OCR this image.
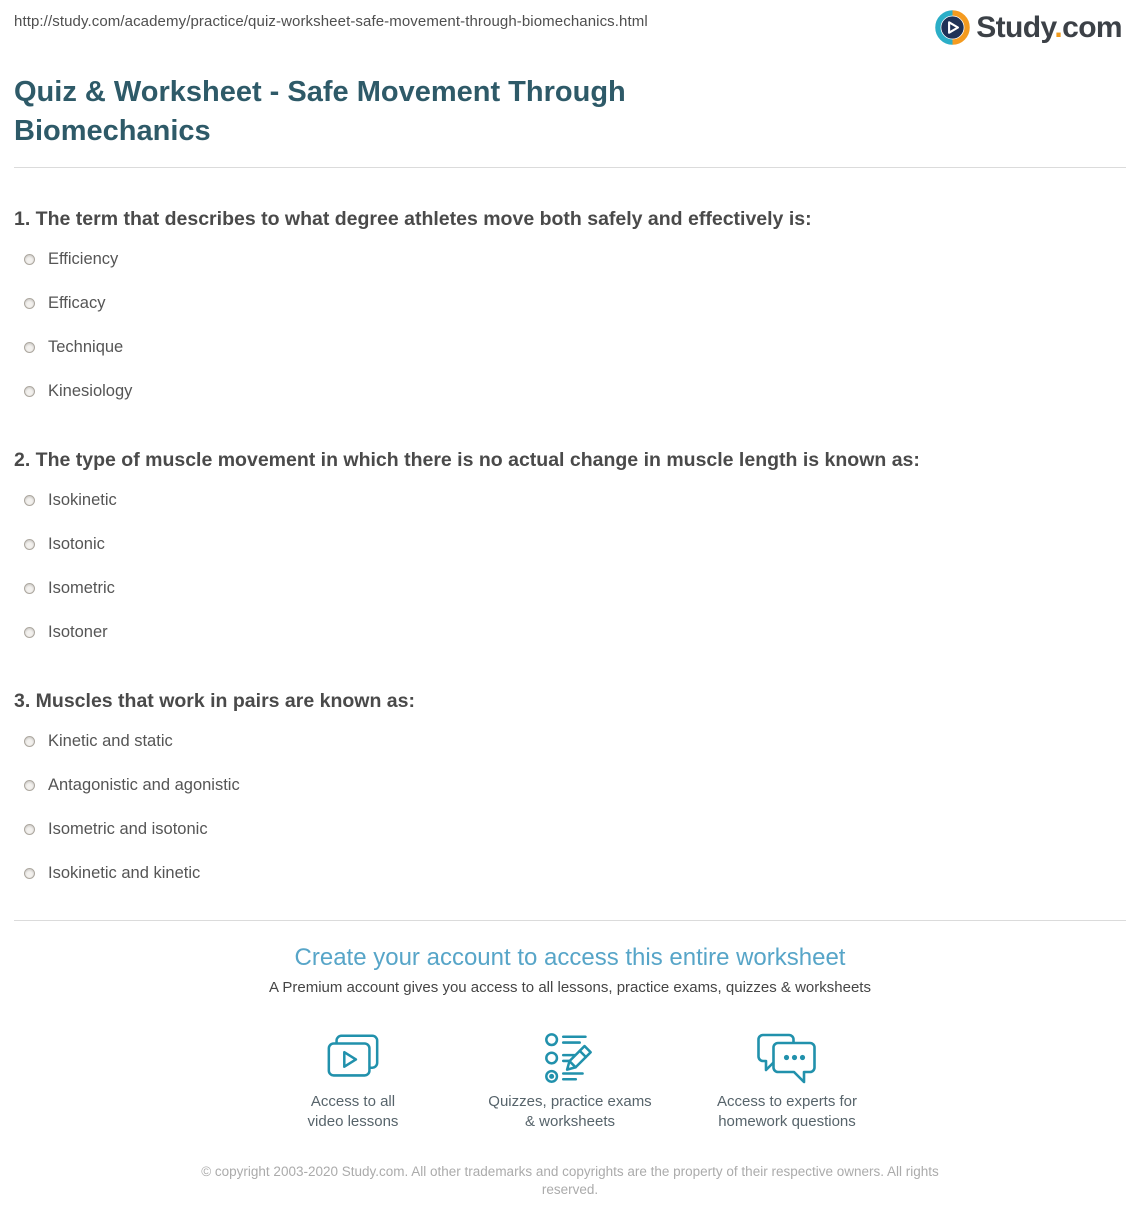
http://study.com/academy/practice/quiz-worksheet-safe-movement-through-biomechanics.html	Study.com
Quiz & Worksheet - Safe Movement Through Biomechanics

1. The term that describes to what degree athletes move both safely and effectively is:

Efficiency
Efficacy
Technique
Kinesiology

2. The type of muscle movement in which there is no actual change in muscle length is known as:

Isokinetic
Isotonic
Isometric
Isotoner

3. Muscles that work in pairs are known as:

Kinetic and static
Antagonistic and agonistic
Isometric and isotonic
Isokinetic and kinetic
Create your account to access this entire worksheet

A Premium account gives you access to all lessons, practice exams, quizzes & worksheets

Access to all
video lessons
Quizzes, practice exams
& worksheets
Access to experts for
homework questions
© copyright 2003-2020 Study.com. All other trademarks and copyrights are the property of their respective owners. All rights
reserved.
